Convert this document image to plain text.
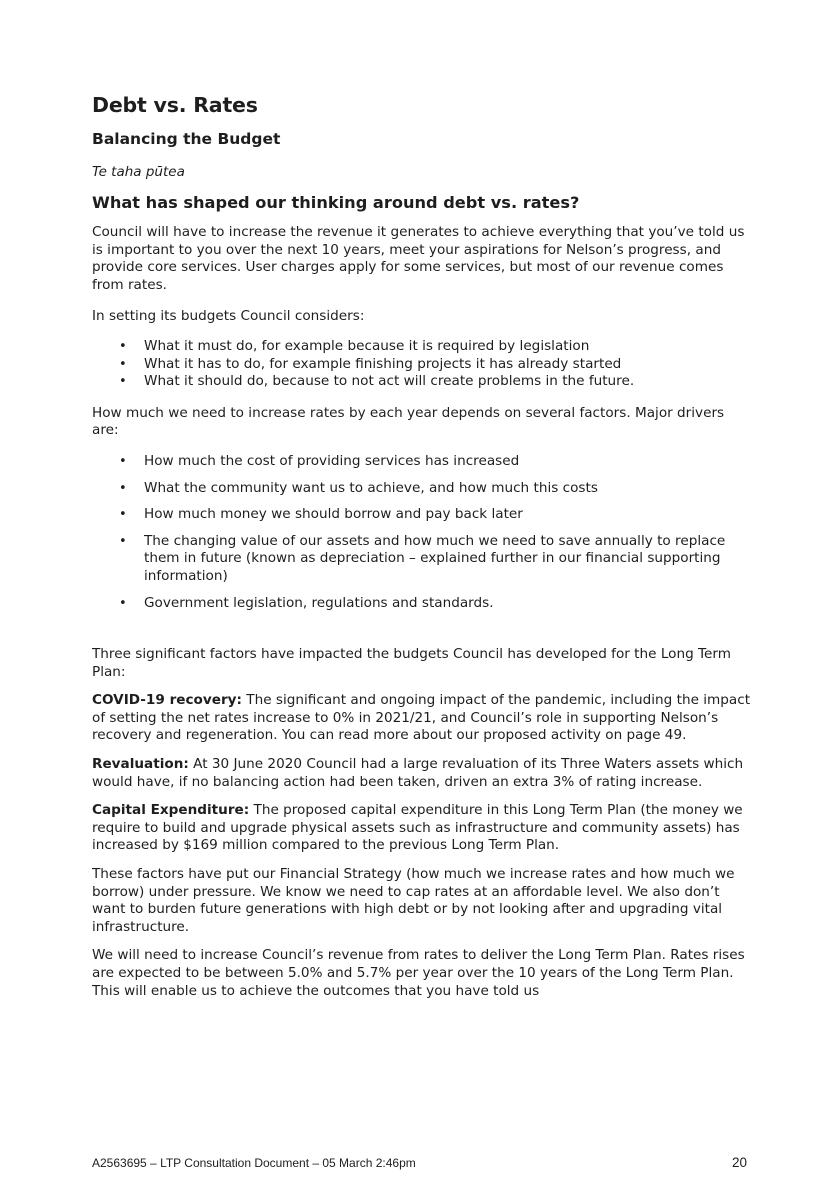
Debt vs. Rates
Balancing the Budget
Te taha pūtea
What has shaped our thinking around debt vs. rates?

Council will have to increase the revenue it generates to achieve everything that you’ve told us is important to you over the next 10 years, meet your aspirations for Nelson’s progress, and provide core services. User charges apply for some services, but most of our revenue comes from rates.

In setting its budgets Council considers:

• What it must do, for example because it is required by legislation
• What it has to do, for example finishing projects it has already started
• What it should do, because to not act will create problems in the future.

How much we need to increase rates by each year depends on several factors. Major drivers are:

• How much the cost of providing services has increased
• What the community want us to achieve, and how much this costs
• How much money we should borrow and pay back later
• The changing value of our assets and how much we need to save annually to replace them in future (known as depreciation – explained further in our financial supporting information)
• Government legislation, regulations and standards.

Three significant factors have impacted the budgets Council has developed for the Long Term Plan:

COVID-19 recovery: The significant and ongoing impact of the pandemic, including the impact of setting the net rates increase to 0% in 2021/21, and Council’s role in supporting Nelson’s recovery and regeneration. You can read more about our proposed activity on page 49.

Revaluation: At 30 June 2020 Council had a large revaluation of its Three Waters assets which would have, if no balancing action had been taken, driven an extra 3% of rating increase.

Capital Expenditure: The proposed capital expenditure in this Long Term Plan (the money we require to build and upgrade physical assets such as infrastructure and community assets) has increased by $169 million compared to the previous Long Term Plan.

These factors have put our Financial Strategy (how much we increase rates and how much we borrow) under pressure. We know we need to cap rates at an affordable level. We also don’t want to burden future generations with high debt or by not looking after and upgrading vital infrastructure.

We will need to increase Council’s revenue from rates to deliver the Long Term Plan. Rates rises are expected to be between 5.0% and 5.7% per year over the 10 years of the Long Term Plan. This will enable us to achieve the outcomes that you have told us

A2563695 – LTP Consultation Document – 05 March 2:46pm	20
